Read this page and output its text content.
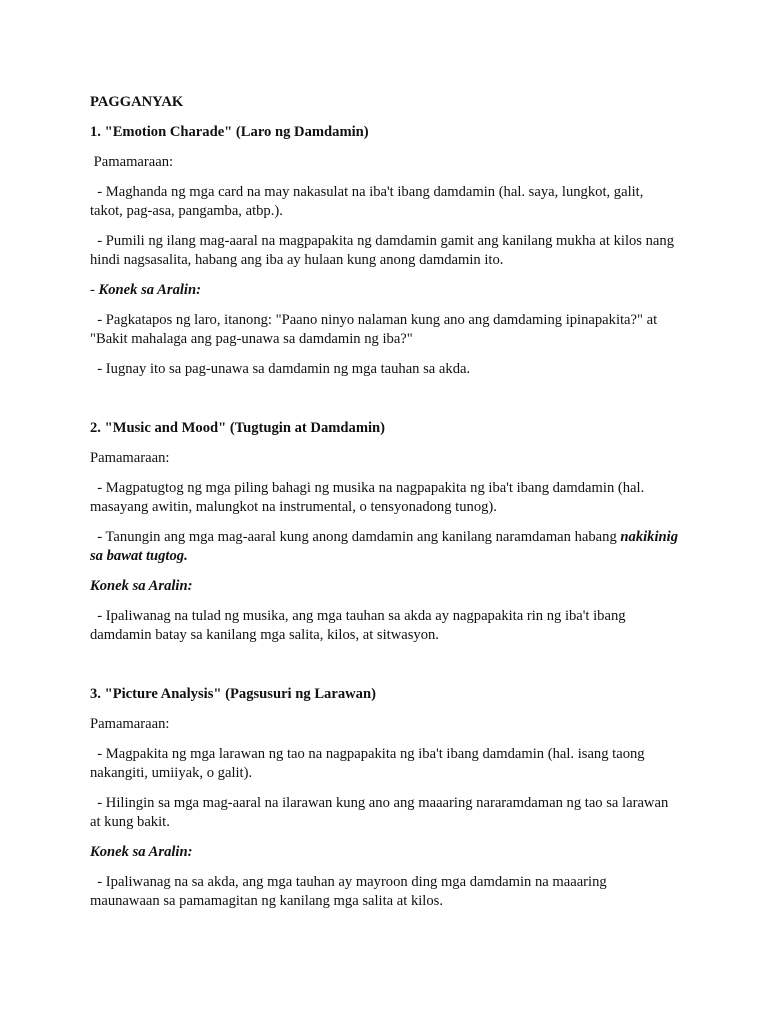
PAGGANYAK

1. "Emotion Charade" (Laro ng Damdamin)

Pamamaraan:

- Maghanda ng mga card na may nakasulat na iba't ibang damdamin (hal. saya, lungkot, galit, takot, pag-asa, pangamba, atbp.).

- Pumili ng ilang mag-aaral na magpapakita ng damdamin gamit ang kanilang mukha at kilos nang hindi nagsasalita, habang ang iba ay hulaan kung anong damdamin ito.

- Konek sa Aralin:

- Pagkatapos ng laro, itanong: "Paano ninyo nalaman kung ano ang damdaming ipinapakita?" at "Bakit mahalaga ang pag-unawa sa damdamin ng iba?"

- Iugnay ito sa pag-unawa sa damdamin ng mga tauhan sa akda.

2. "Music and Mood" (Tugtugin at Damdamin)

Pamamaraan:

- Magpatugtog ng mga piling bahagi ng musika na nagpapakita ng iba't ibang damdamin (hal. masayang awitin, malungkot na instrumental, o tensyonadong tunog).

- Tanungin ang mga mag-aaral kung anong damdamin ang kanilang naramdaman habang nakikinig sa bawat tugtog.

Konek sa Aralin:

- Ipaliwanag na tulad ng musika, ang mga tauhan sa akda ay nagpapakita rin ng iba't ibang damdamin batay sa kanilang mga salita, kilos, at sitwasyon.

3. "Picture Analysis" (Pagsusuri ng Larawan)

Pamamaraan:

- Magpakita ng mga larawan ng tao na nagpapakita ng iba't ibang damdamin (hal. isang taong nakangiti, umiiyak, o galit).

- Hilingin sa mga mag-aaral na ilarawan kung ano ang maaaring nararamdaman ng tao sa larawan at kung bakit.

Konek sa Aralin:

- Ipaliwanag na sa akda, ang mga tauhan ay mayroon ding mga damdamin na maaaring maunawaan sa pamamagitan ng kanilang mga salita at kilos.
